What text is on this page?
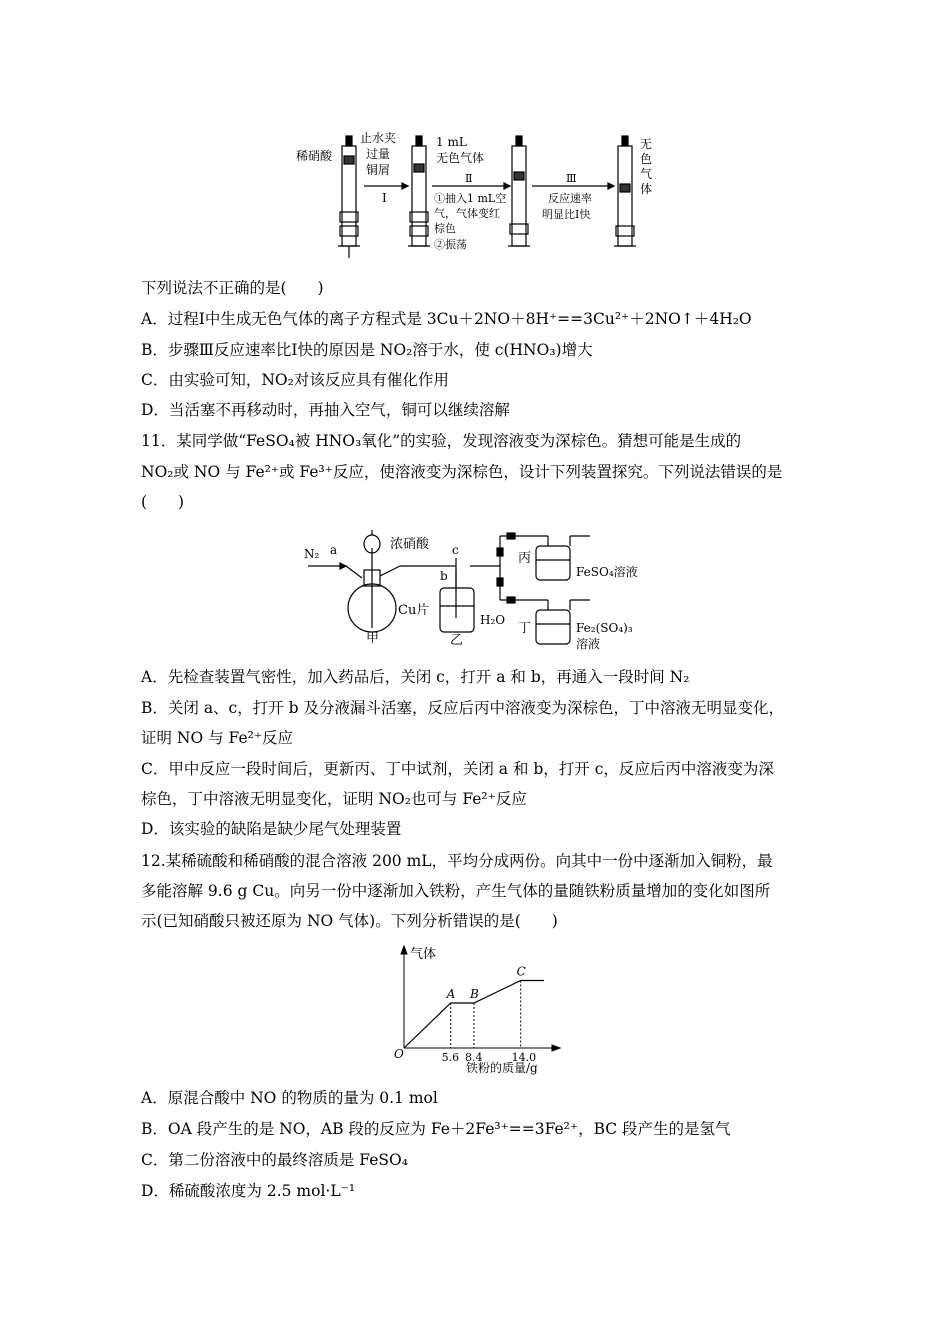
止水夹
稀硝酸	过量
铜屑
Ⅰ
1 mL
无色气体
Ⅱ
①抽入1 mL空
气，气体变红
棕色
②振荡
Ⅲ
反应速率
明显比Ⅰ快
无
色
气
体
下列说法不正确的是(　　)
A．过程Ⅰ中生成无色气体的离子方程式是 3Cu＋2NO＋8H⁺==3Cu²⁺＋2NO↑＋4H₂O
B．步骤Ⅲ反应速率比Ⅰ快的原因是 NO₂溶于水，使 c(HNO₃)增大
C．由实验可知，NO₂对该反应具有催化作用
D．当活塞不再移动时，再抽入空气，铜可以继续溶解
11．某同学做“FeSO₄被 HNO₃氧化”的实验，发现溶液变为深棕色。猜想可能是生成的
NO₂或 NO 与 Fe²⁺或 Fe³⁺反应，使溶液变为深棕色，设计下列装置探究。下列说法错误的是
(　　)
N₂ a	浓硝酸 c
b
Cu片
甲	乙
H₂O
丙
FeSO₄溶液
丁	Fe₂(SO₄)₃
溶液
A．先检查装置气密性，加入药品后，关闭 c，打开 a 和 b，再通入一段时间 N₂
B．关闭 a、c，打开 b 及分液漏斗活塞，反应后丙中溶液变为深棕色，丁中溶液无明显变化，
证明 NO 与 Fe²⁺反应
C．甲中反应一段时间后，更新丙、丁中试剂，关闭 a 和 b，打开 c，反应后丙中溶液变为深
棕色，丁中溶液无明显变化，证明 NO₂也可与 Fe²⁺反应
D．该实验的缺陷是缺少尾气处理装置
12.某稀硫酸和稀硝酸的混合溶液 200 mL，平均分成两份。向其中一份中逐渐加入铜粉，最
多能溶解 9.6 g Cu。向另一份中逐渐加入铁粉，产生气体的量随铁粉质量增加的变化如图所
示(已知硝酸只被还原为 NO 气体)。下列分析错误的是(　　)
5.6
A
8.4
B
14.0
C
气体
铁粉的质量/g
O
A．原混合酸中 NO 的物质的量为 0.1 mol
B．OA 段产生的是 NO，AB 段的反应为 Fe＋2Fe³⁺==3Fe²⁺，BC 段产生的是氢气
C．第二份溶液中的最终溶质是 FeSO₄
D．稀硫酸浓度为 2.5 mol·L⁻¹
